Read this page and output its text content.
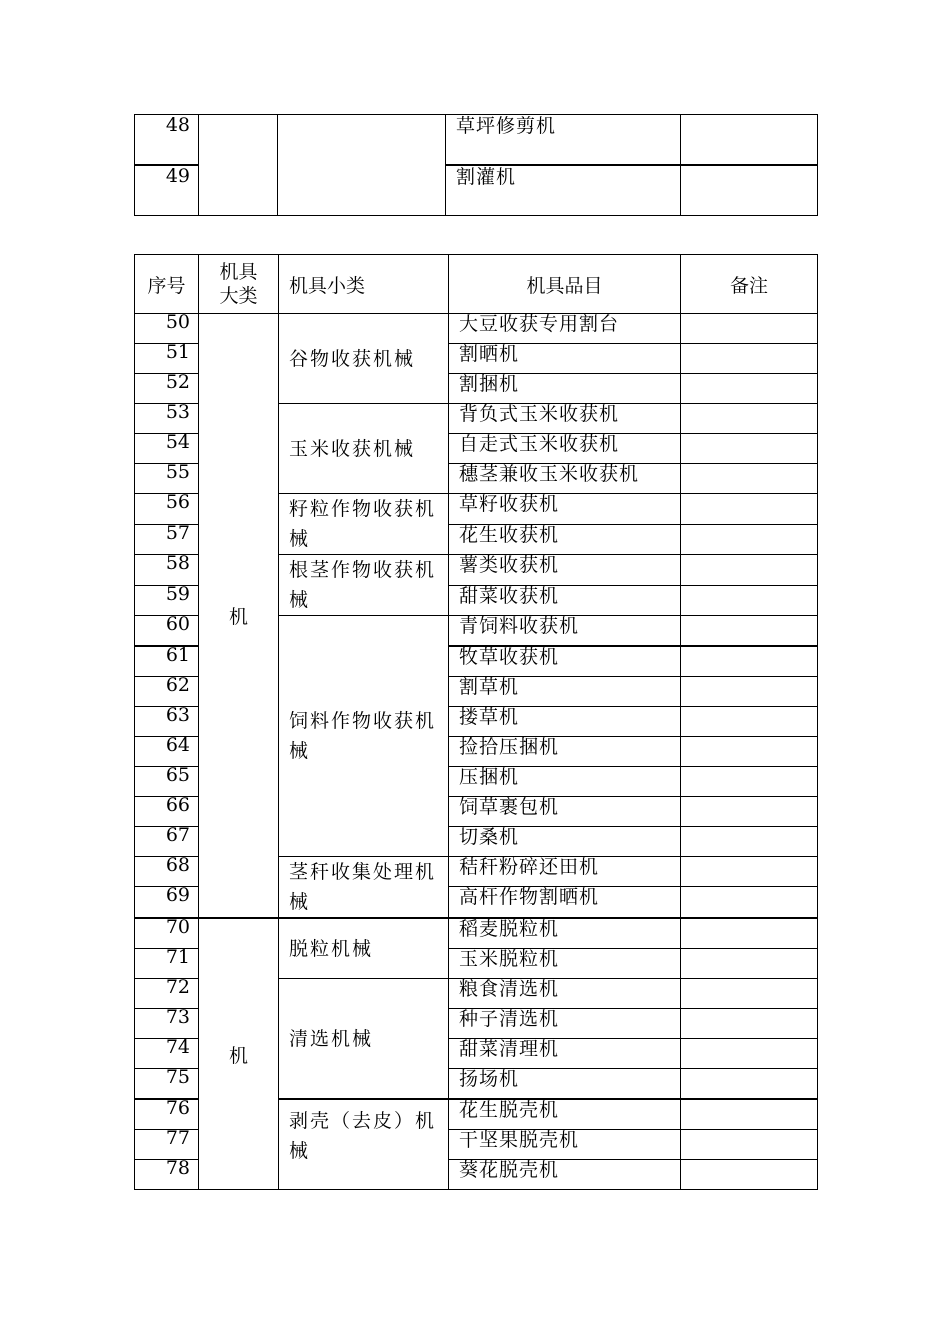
48			草坪修剪机	
49			割灌机	
序号	机具大类	机具小类	机具品目	备注
50	机	谷物收获机械	大豆收获专用割台	
51			割晒机	
52			割捆机	
53		玉米收获机械	背负式玉米收获机	
54			自走式玉米收获机	
55			穗茎兼收玉米收获机	
56		籽粒作物收获机械	草籽收获机	
57			花生收获机	
58		根茎作物收获机械	薯类收获机	
59			甜菜收获机	
60		饲料作物收获机械	青饲料收获机	
61			牧草收获机	
62			割草机	
63			搂草机	
64			捡拾压捆机	
65			压捆机	
66			饲草裹包机	
67			切桑机	
68		茎秆收集处理机械	秸秆粉碎还田机	
69			高杆作物割晒机	
70	机	脱粒机械	稻麦脱粒机	
71			玉米脱粒机	
72		清选机械	粮食清选机	
73			种子清选机	
74			甜菜清理机	
75			扬场机	
76		剥壳（去皮）机械	花生脱壳机	
77			干坚果脱壳机	
78			葵花脱壳机	
